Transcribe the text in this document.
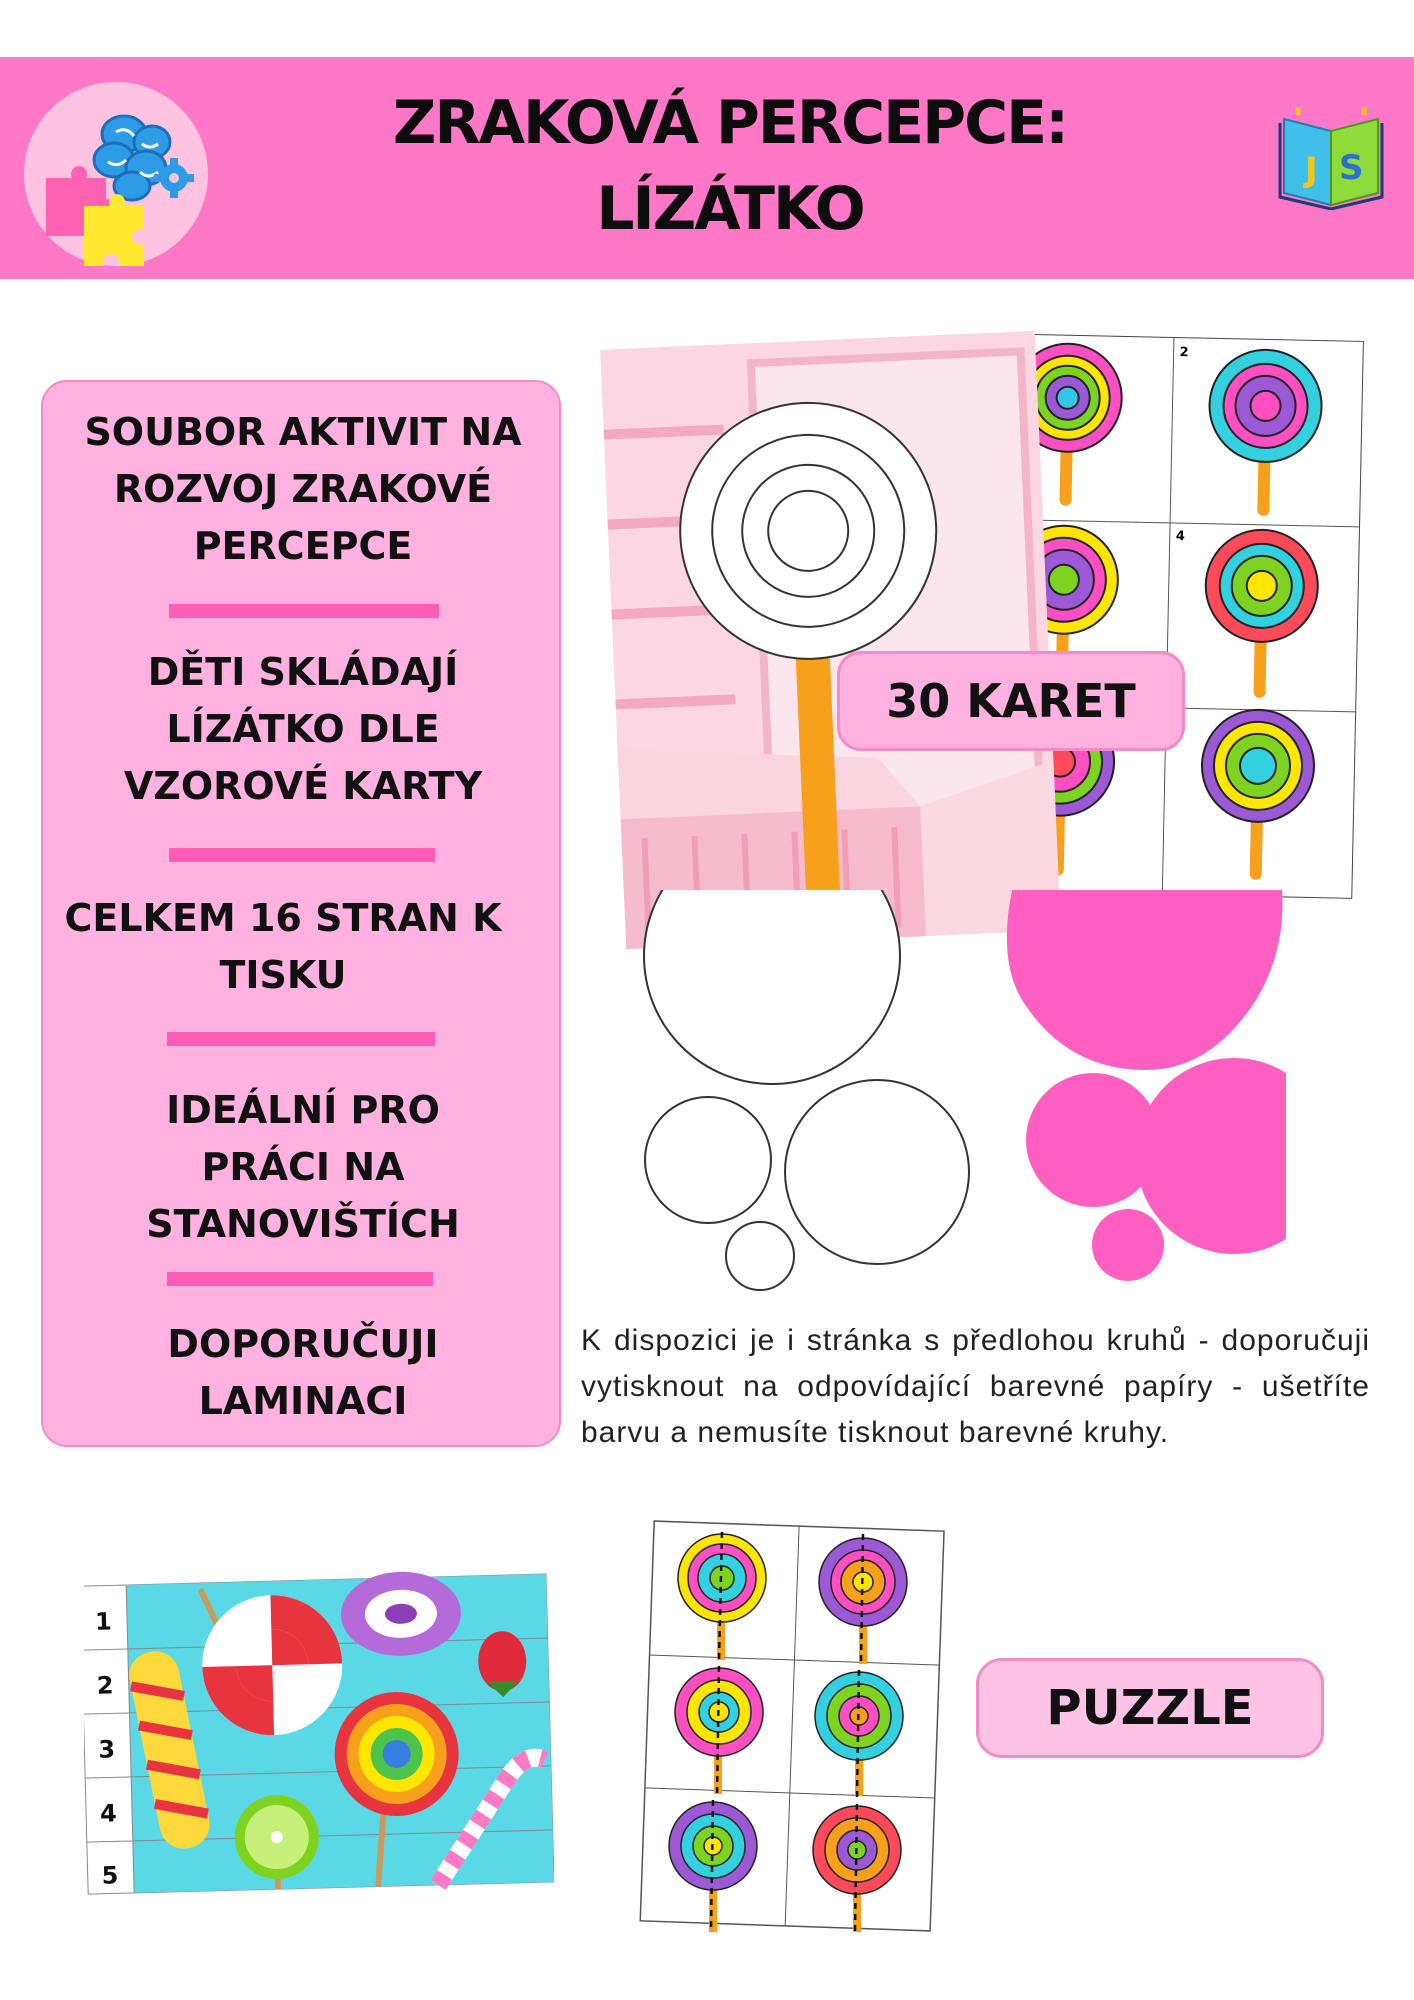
ZRAKOVÁ PERCEPCE:
LÍZÁTKO
J S
SOUBOR AKTIVIT NA
ROZVOJ ZRAKOVÉ
PERCEPCE
DĚTI SKLÁDAJÍ
LÍZÁTKO DLE
VZOROVÉ KARTY
CELKEM 16 STRAN K
TISKU
IDEÁLNÍ PRO
PRÁCI NA
STANOVIŠTÍCH
DOPORUČUJI
LAMINACI
2
4
30 KARET
K dispozici je i stránka s předlohou kruhů - doporučuji vytisknout na odpovídající barevné papíry - ušetříte barvu a nemusíte tisknout barevné kruhy.
1
2
3
4
5
PUZZLE
